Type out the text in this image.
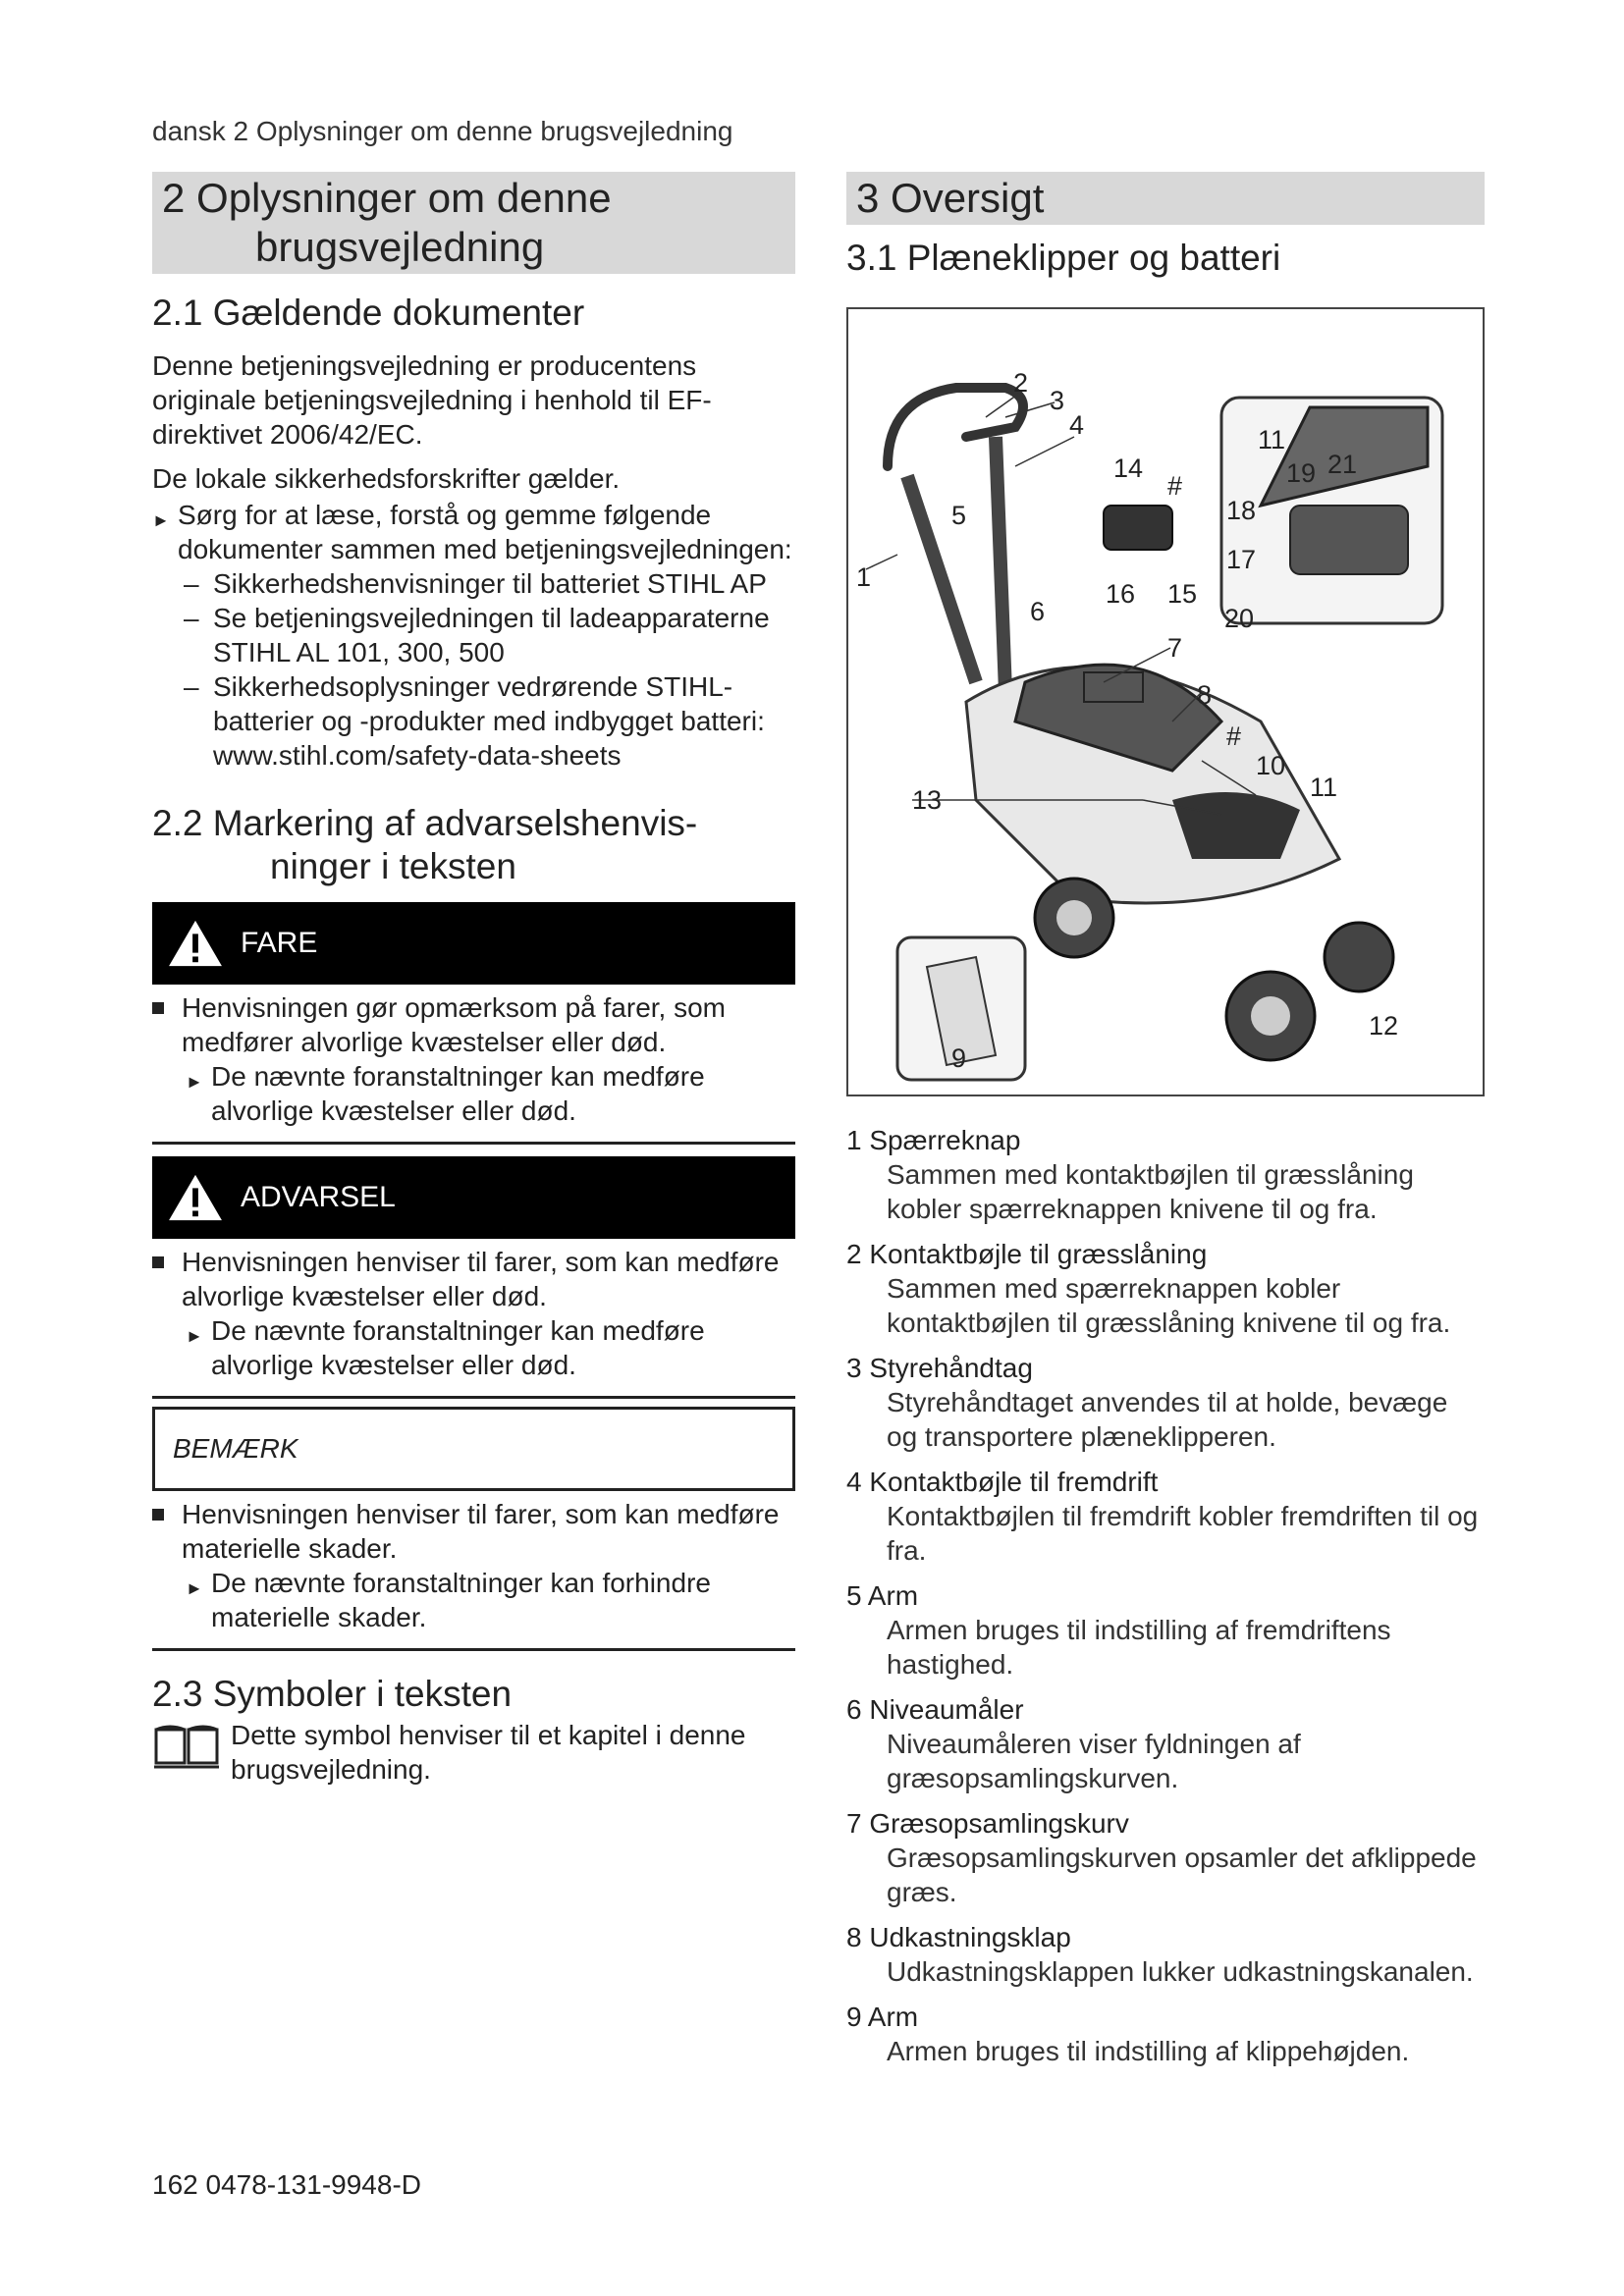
dansk 2 Oplysninger om denne brugsvejledning
2 Oplysninger om denne
brugsvejledning
2.1 Gældende dokumenter

Denne betjeningsvejledning er producentens originale betjeningsvejledning i henhold til EF-direktivet 2006/42/EC.

De lokale sikkerhedsforskrifter gælder.

► Sørg for at læse, forstå og gemme følgende dokumenter sammen med betjeningsvejledningen:
– Sikkerhedshenvisninger til batteriet STIHL AP
– Se betjeningsvejledningen til ladeapparaterne STIHL AL 101, 300, 500
– Sikkerhedsoplysninger vedrørende STIHL-batterier og -produkter med indbygget batteri: www.stihl.com/safety-data-sheets
2.2 Markering af advarselshenvis-
ninger i teksten
FARE
Henvisningen gør opmærksom på farer, som medfører alvorlige kvæstelser eller død.
► De nævnte foranstaltninger kan medføre alvorlige kvæstelser eller død.
ADVARSEL
Henvisningen henviser til farer, som kan medføre alvorlige kvæstelser eller død.
► De nævnte foranstaltninger kan medføre alvorlige kvæstelser eller død.
BEMÆRK
Henvisningen henviser til farer, som kan medføre materielle skader.
► De nævnte foranstaltninger kan forhindre materielle skader.
2.3 Symboler i teksten
Dette symbol henviser til et kapitel i denne brugsvejledning.
3 Oversigt
3.1 Plæneklipper og batteri
1
2
3
4
5
6
7
8
#
10
11
12
13
14
#
16 15
11
19 21
18
17
20
9
1 Spærreknap
Sammen med kontaktbøjlen til græsslåning kobler spærreknappen knivene til og fra.
2 Kontaktbøjle til græsslåning
Sammen med spærreknappen kobler kontaktbøjlen til græsslåning knivene til og fra.
3 Styrehåndtag
Styrehåndtaget anvendes til at holde, bevæge og transportere plæneklipperen.
4 Kontaktbøjle til fremdrift
Kontaktbøjlen til fremdrift kobler fremdriften til og fra.
5 Arm
Armen bruges til indstilling af fremdriftens hastighed.
6 Niveaumåler
Niveaumåleren viser fyldningen af græsopsamlingskurven.
7 Græsopsamlingskurv
Græsopsamlingskurven opsamler det afklippede græs.
8 Udkastningsklap
Udkastningsklappen lukker udkastningskanalen.
9 Arm
Armen bruges til indstilling af klippehøjden.
162 0478-131-9948-D
